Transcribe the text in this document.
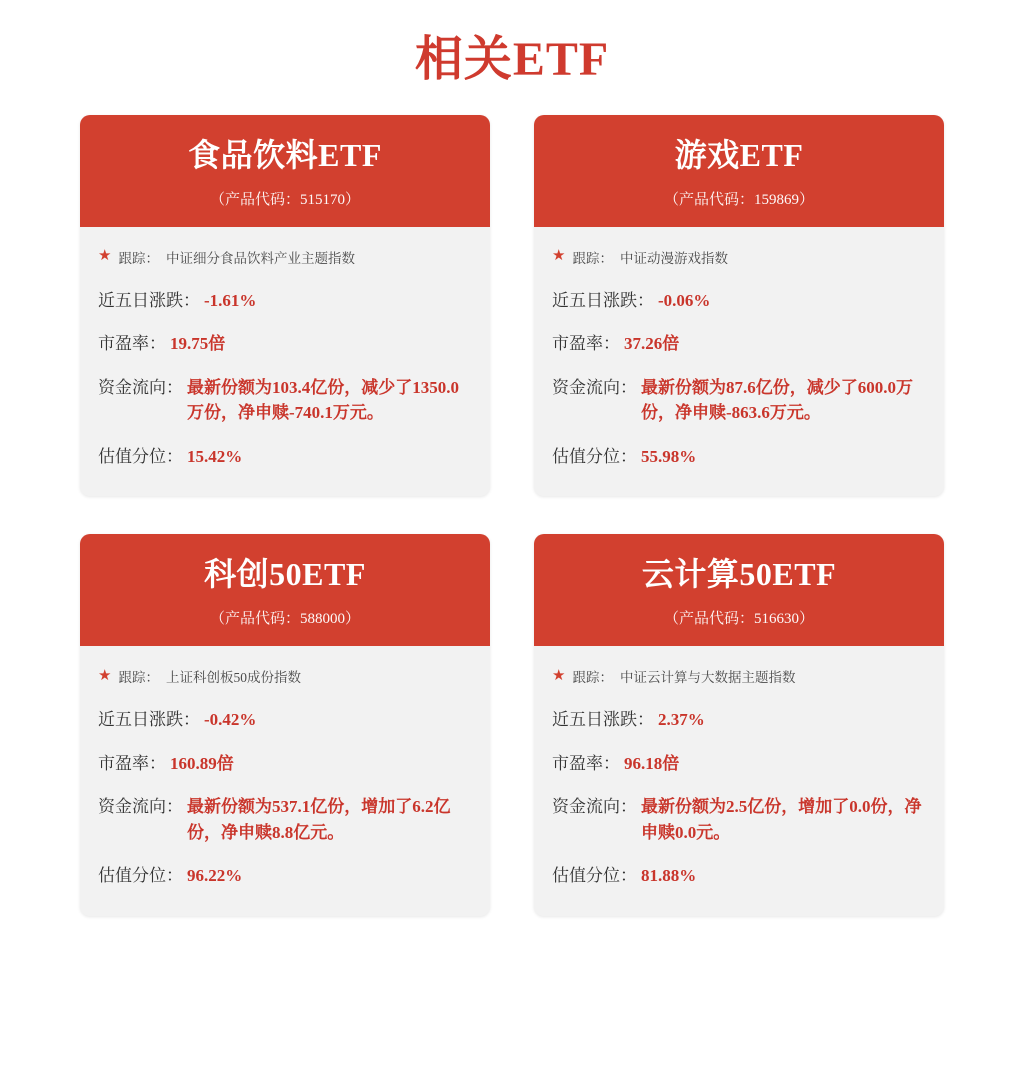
相关ETF
食品饮料ETF
（产品代码：515170）
★ 跟踪： 中证细分食品饮料产业主题指数
近五日涨跌： -1.61%
市盈率： 19.75倍
资金流向： 最新份额为103.4亿份，减少了1350.0万份，净申赎-740.1万元。
估值分位： 15.42%
游戏ETF
（产品代码：159869）
★ 跟踪： 中证动漫游戏指数
近五日涨跌： -0.06%
市盈率： 37.26倍
资金流向： 最新份额为87.6亿份，减少了600.0万份，净申赎-863.6万元。
估值分位： 55.98%
科创50ETF
（产品代码：588000）
★ 跟踪： 上证科创板50成份指数
近五日涨跌： -0.42%
市盈率： 160.89倍
资金流向： 最新份额为537.1亿份，增加了6.2亿份，净申赎8.8亿元。
估值分位： 96.22%
云计算50ETF
（产品代码：516630）
★ 跟踪： 中证云计算与大数据主题指数
近五日涨跌： 2.37%
市盈率： 96.18倍
资金流向： 最新份额为2.5亿份，增加了0.0份，净申赎0.0元。
估值分位： 81.88%
